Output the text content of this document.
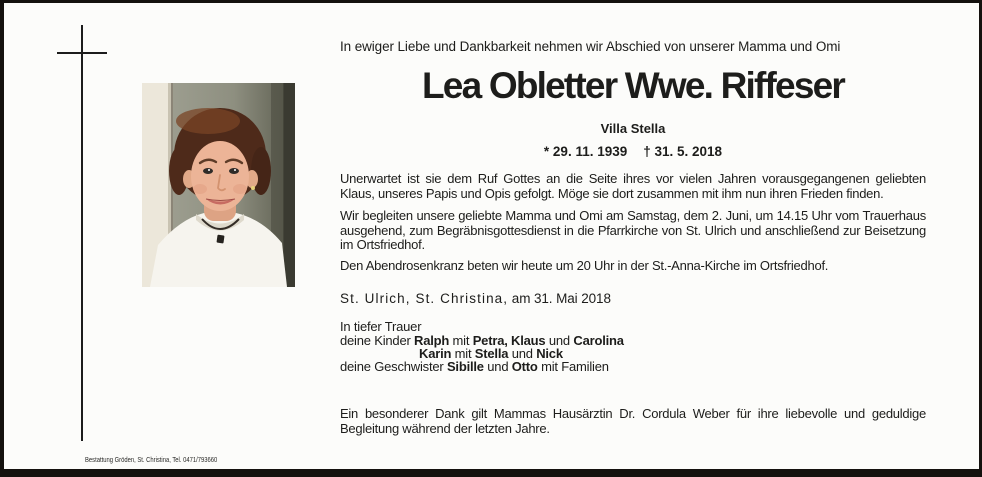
In ewiger Liebe und Dankbarkeit nehmen wir Abschied von unserer Mamma und Omi
Lea Obletter Wwe. Riffeser
Villa Stella
* 29. 11. 1939 † 31. 5. 2018
Unerwartet ist sie dem Ruf Gottes an die Seite ihres vor vielen Jahren vorausgegangenen geliebten Klaus, unseres Papis und Opis gefolgt. Möge sie dort zusammen mit ihm nun ihren Frieden finden.
Wir begleiten unsere geliebte Mamma und Omi am Samstag, dem 2. Juni, um 14.15 Uhr vom Trauerhaus ausgehend, zum Begräbnisgottesdienst in die Pfarrkirche von St. Ulrich und anschließend zur Beisetzung im Ortsfriedhof.
Den Abendrosenkranz beten wir heute um 20 Uhr in der St.-Anna-Kirche im Ortsfriedhof.
St. Ulrich, St. Christina, am 31. Mai 2018
In tiefer Trauer
deine Kinder Ralph mit Petra, Klaus und Carolina
Karin mit Stella und Nick
deine Geschwister Sibille und Otto mit Familien
Ein besonderer Dank gilt Mammas Hausärztin Dr. Cordula Weber für ihre liebevolle und geduldige
Begleitung während der letzten Jahre.
Bestattung Gröden, St. Christina, Tel. 0471/793660
